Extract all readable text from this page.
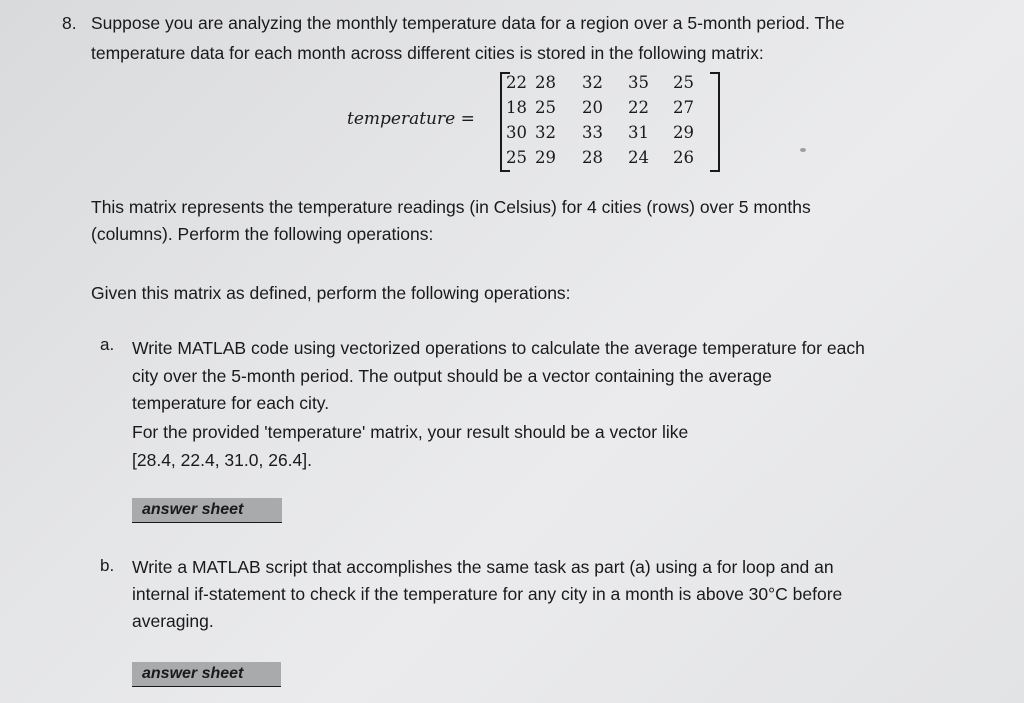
8. Suppose you are analyzing the monthly temperature data for a region over a 5-month period. The
temperature data for each month across different cities is stored in the following matrix:
temperature =
22 28	32	35	25
18 25	20	22	27
30 32	33	31	29
25 29	28	24	26
This matrix represents the temperature readings (in Celsius) for 4 cities (rows) over 5 months
(columns). Perform the following operations:
Given this matrix as defined, perform the following operations:
a. Write MATLAB code using vectorized operations to calculate the average temperature for each
city over the 5-month period. The output should be a vector containing the average
temperature for each city.
For the provided 'temperature' matrix, your result should be a vector like
[28.4, 22.4, 31.0, 26.4].
answer sheet
b. Write a MATLAB script that accomplishes the same task as part (a) using a for loop and an
internal if-statement to check if the temperature for any city in a month is above 30°C before
averaging.
answer sheet
